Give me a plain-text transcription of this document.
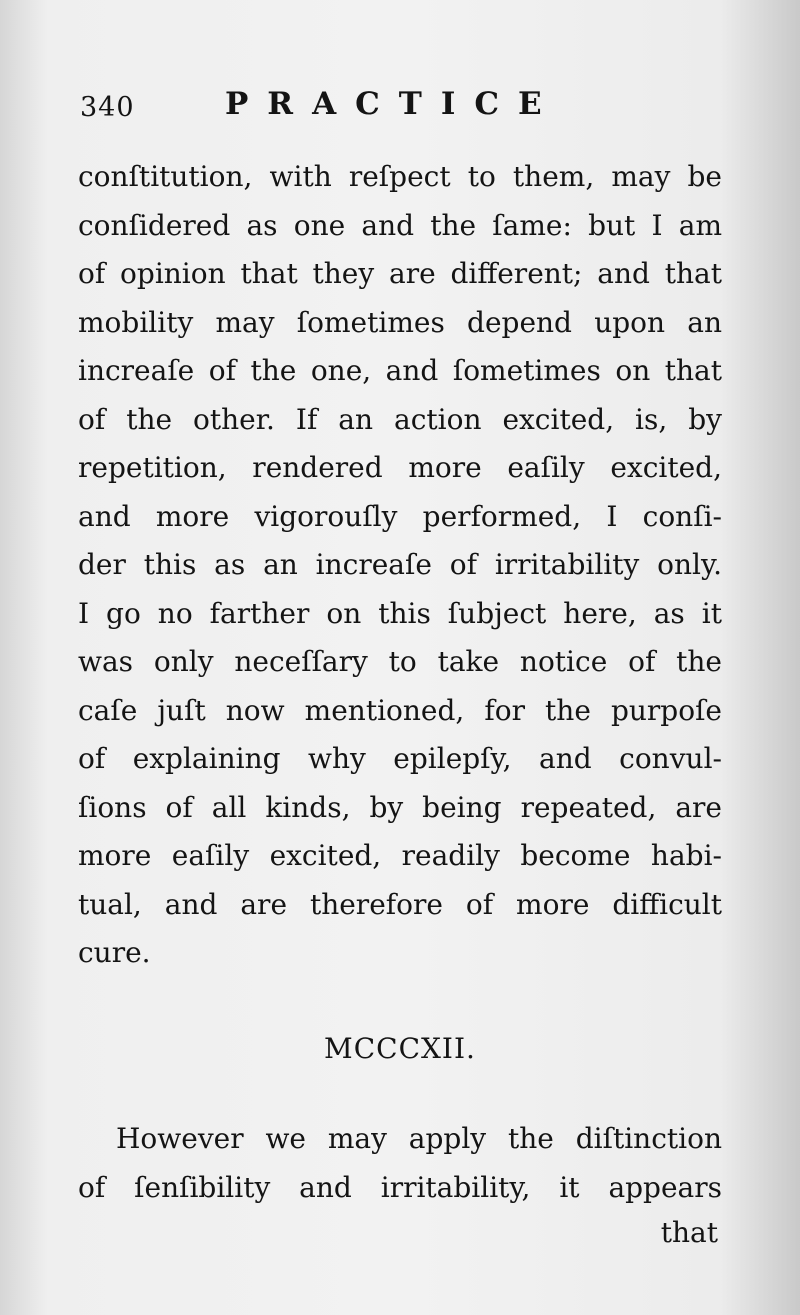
340	PRACTICE
conſtitution, with reſpect to them, may be
conſidered as one and the ſame: but I am
of opinion that they are different; and that
mobility may ſometimes depend upon an
increaſe of the one, and ſometimes on that
of the other. If an action excited, is, by
repetition, rendered more eaſily excited,
and more vigorouſly performed, I conſi-
der this as an increaſe of irritability only.
I go no farther on this ſubject here, as it
was only neceſſary to take notice of the
caſe juſt now mentioned, for the purpoſe
of explaining why epilepſy, and convul-
ſions of all kinds, by being repeated, are
more eaſily excited, readily become habi-
tual, and are therefore of more difficult
cure.
MCCCXII.
However we may apply the diſtinction
of ſenſibility and irritability, it appears
that
